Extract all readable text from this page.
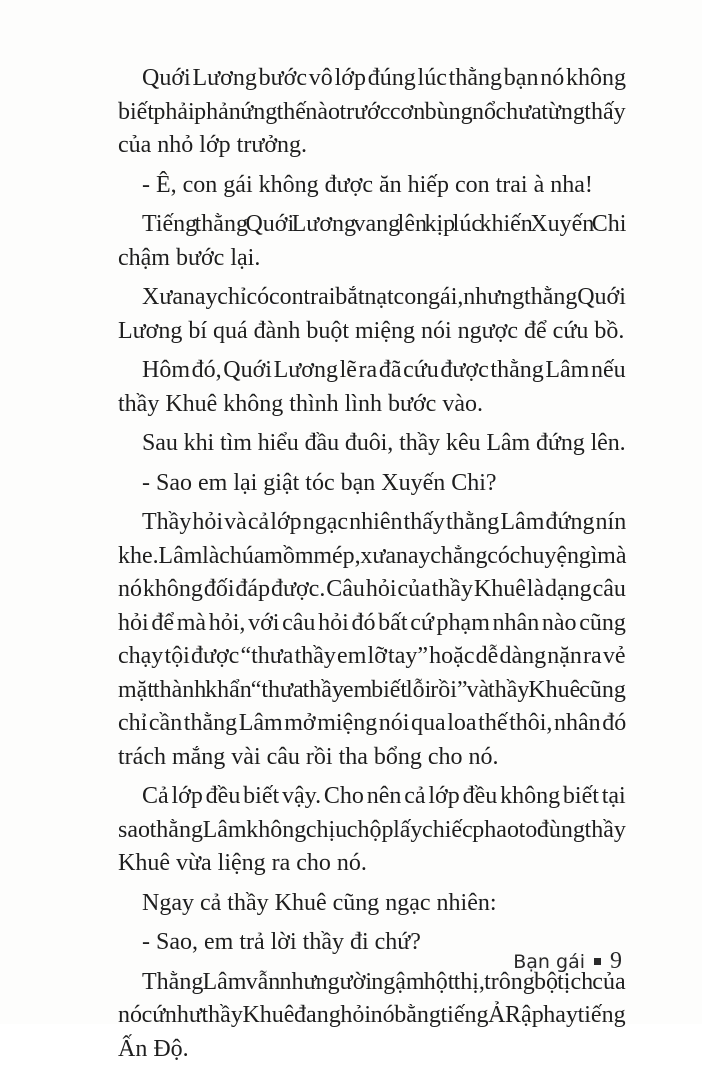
Quới Lương bước vô lớp đúng lúc thằng bạn nó không
biết phải phản ứng thế nào trước cơn bùng nổ chưa từng thấy
của nhỏ lớp trưởng.

- Ê, con gái không được ăn hiếp con trai à nha!

Tiếng thằng Quới Lương vang lên kịp lúc khiến Xuyến Chi
chậm bước lại.

Xưa nay chỉ có con trai bắt nạt con gái, nhưng thằng Quới
Lương bí quá đành buột miệng nói ngược để cứu bồ.

Hôm đó, Quới Lương lẽ ra đã cứu được thằng Lâm nếu
thầy Khuê không thình lình bước vào.

Sau khi tìm hiểu đầu đuôi, thầy kêu Lâm đứng lên.

- Sao em lại giật tóc bạn Xuyến Chi?

Thầy hỏi và cả lớp ngạc nhiên thấy thằng Lâm đứng nín
khe. Lâm là chúa mồm mép, xưa nay chẳng có chuyện gì mà
nó không đối đáp được. Câu hỏi của thầy Khuê là dạng câu
hỏi để mà hỏi, với câu hỏi đó bất cứ phạm nhân nào cũng
chạy tội được “thưa thầy em lỡ tay” hoặc dễ dàng nặn ra vẻ
mặt thành khẩn “thưa thầy em biết lỗi rồi” và thầy Khuê cũng
chỉ cần thằng Lâm mở miệng nói qua loa thế thôi, nhân đó
trách mắng vài câu rồi tha bổng cho nó.

Cả lớp đều biết vậy. Cho nên cả lớp đều không biết tại
sao thằng Lâm không chịu chộp lấy chiếc phao to đùng thầy
Khuê vừa liệng ra cho nó.

Ngay cả thầy Khuê cũng ngạc nhiên:

- Sao, em trả lời thầy đi chứ?

Thằng Lâm vẫn như người ngậm hột thị, trông bộ tịch của
nó cứ như thầy Khuê đang hỏi nó bằng tiếng Ả Rập hay tiếng
Ấn Độ.

Bạn gái 9
